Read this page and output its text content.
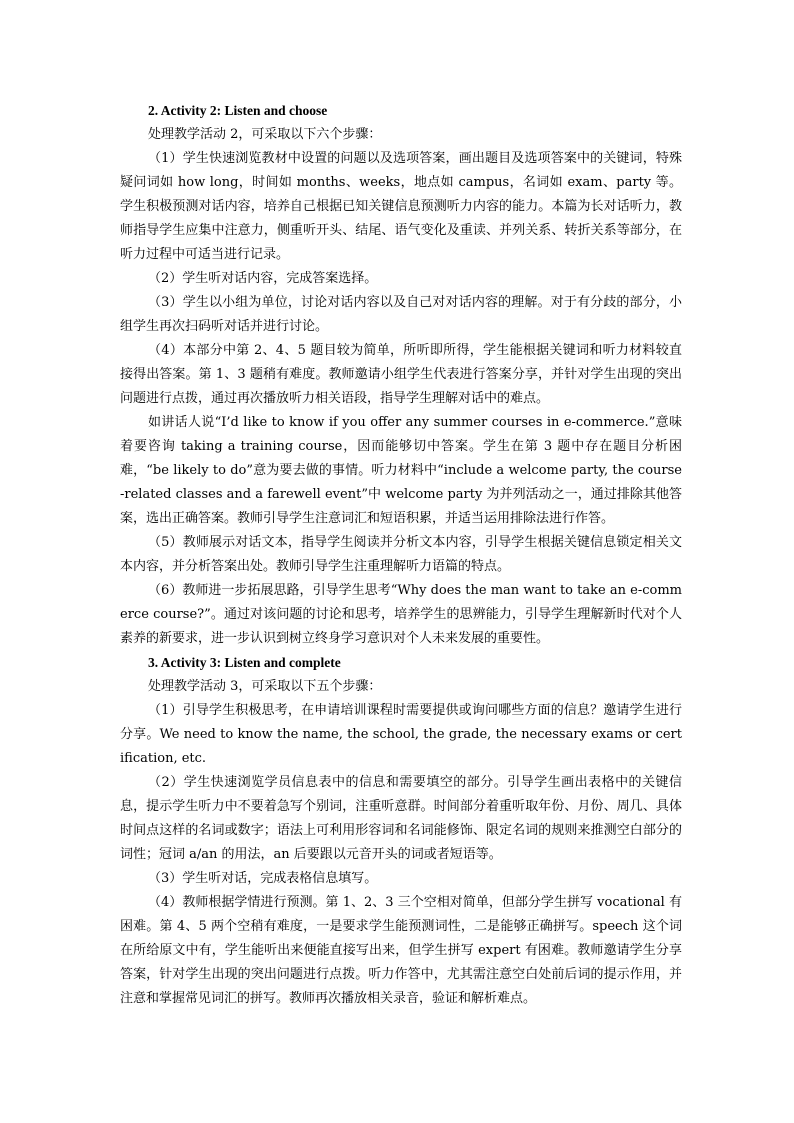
2. Activity 2: Listen and choose

处理教学活动 2，可采取以下六个步骤：

（1）学生快速浏览教材中设置的问题以及选项答案，画出题目及选项答案中的关键词，特殊疑问词如 how long，时间如 months、weeks，地点如 campus，名词如 exam、party 等。学生积极预测对话内容，培养自己根据已知关键信息预测听力内容的能力。本篇为长对话听力，教师指导学生应集中注意力，侧重听开头、结尾、语气变化及重读、并列关系、转折关系等部分，在听力过程中可适当进行记录。

（2）学生听对话内容，完成答案选择。

（3）学生以小组为单位，讨论对话内容以及自己对对话内容的理解。对于有分歧的部分，小组学生再次扫码听对话并进行讨论。

（4）本部分中第 2、4、5 题目较为简单，所听即所得，学生能根据关键词和听力材料较直接得出答案。第 1、3 题稍有难度。教师邀请小组学生代表进行答案分享，并针对学生出现的突出问题进行点拨，通过再次播放听力相关语段，指导学生理解对话中的难点。

如讲话人说“I’d like to know if you offer any summer courses in e-commerce.”意味着要咨询 taking a training course，因而能够切中答案。学生在第 3 题中存在题目分析困难，“be likely to do”意为要去做的事情。听力材料中“include a welcome party, the course-related classes and a farewell event”中 welcome party 为并列活动之一，通过排除其他答案，选出正确答案。教师引导学生注意词汇和短语积累，并适当运用排除法进行作答。

（5）教师展示对话文本，指导学生阅读并分析文本内容，引导学生根据关键信息锁定相关文本内容，并分析答案出处。教师引导学生注重理解听力语篇的特点。

（6）教师进一步拓展思路，引导学生思考“Why does the man want to take an e-commerce course?”。通过对该问题的讨论和思考，培养学生的思辨能力，引导学生理解新时代对个人素养的新要求，进一步认识到树立终身学习意识对个人未来发展的重要性。

3. Activity 3: Listen and complete

处理教学活动 3，可采取以下五个步骤：

（1）引导学生积极思考，在申请培训课程时需要提供或询问哪些方面的信息？邀请学生进行分享。We need to know the name, the school, the grade, the necessary exams or certification, etc.

（2）学生快速浏览学员信息表中的信息和需要填空的部分。引导学生画出表格中的关键信息，提示学生听力中不要着急写个别词，注重听意群。时间部分着重听取年份、月份、周几、具体时间点这样的名词或数字；语法上可利用形容词和名词能修饰、限定名词的规则来推测空白部分的词性；冠词 a/an 的用法，an 后要跟以元音开头的词或者短语等。

（3）学生听对话，完成表格信息填写。

（4）教师根据学情进行预测。第 1、2、3 三个空相对简单，但部分学生拼写 vocational 有困难。第 4、5 两个空稍有难度，一是要求学生能预测词性，二是能够正确拼写。speech 这个词在所给原文中有，学生能听出来便能直接写出来，但学生拼写 expert 有困难。教师邀请学生分享答案，针对学生出现的突出问题进行点拨。听力作答中，尤其需注意空白处前后词的提示作用，并注意和掌握常见词汇的拼写。教师再次播放相关录音，验证和解析难点。
